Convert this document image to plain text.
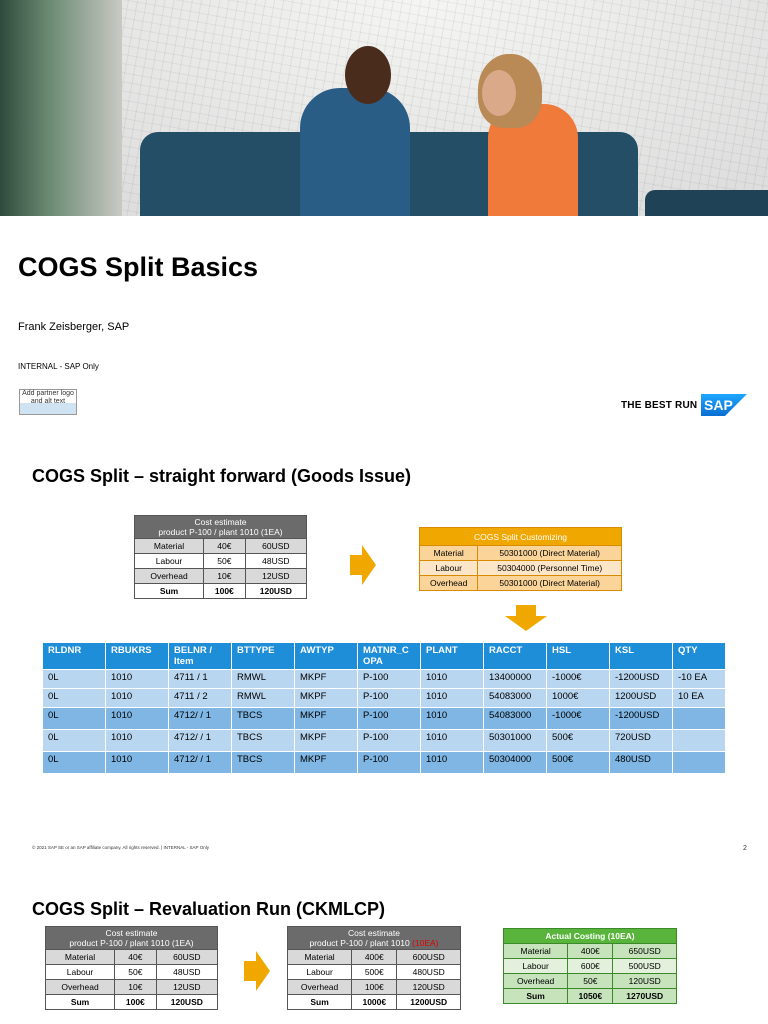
COGS Split Basics
Frank Zeisberger, SAP
INTERNAL - SAP Only
Add partner logo and alt text	THE BEST RUN SAP
COGS Split – straight forward (Goods Issue)
Cost estimate
product P-100 / plant 1010 (1EA)		
Material	40€	60USD
Labour	50€	48USD
Overhead	10€	12USD
Sum	100€	120USD
COGS Split Customizing	
Material	50301000 (Direct Material)
Labour	50304000 (Personnel Time)
Overhead	50301000 (Direct Material)
RLDNR	RBUKRS	BELNR / Item	BTTYPE	AWTYP	MATNR_C OPA	PLANT	RACCT	HSL	KSL	QTY
0L	1010	4711 / 1	RMWL	MKPF	P-100	1010	13400000	-1000€	-1200USD	-10 EA
0L	1010	4711 / 2	RMWL	MKPF	P-100	1010	54083000	1000€	1200USD	10 EA
0L	1010	4712/ / 1	TBCS	MKPF	P-100	1010	54083000	-1000€	-1200USD	
0L	1010	4712/ / 1	TBCS	MKPF	P-100	1010	50301000	500€	720USD	
0L	1010	4712/ / 1	TBCS	MKPF	P-100	1010	50304000	500€	480USD	
© 2021 SAP SE or an SAP affiliate company. All rights reserved. | INTERNAL - SAP Only	2
COGS Split – Revaluation Run (CKMLCP)
Cost estimate
product P-100 / plant 1010 (1EA)		
Material	40€	60USD
Labour	50€	48USD
Overhead	10€	12USD
Sum	100€	120USD
Cost estimate
product P-100 / plant 1010 (10EA)		
Material	400€	600USD
Labour	500€	480USD
Overhead	100€	120USD
Sum	1000€	1200USD
Actual Costing (10EA)		
Material	400€	650USD
Labour	600€	500USD
Overhead	50€	120USD
Sum	1050€	1270USD
